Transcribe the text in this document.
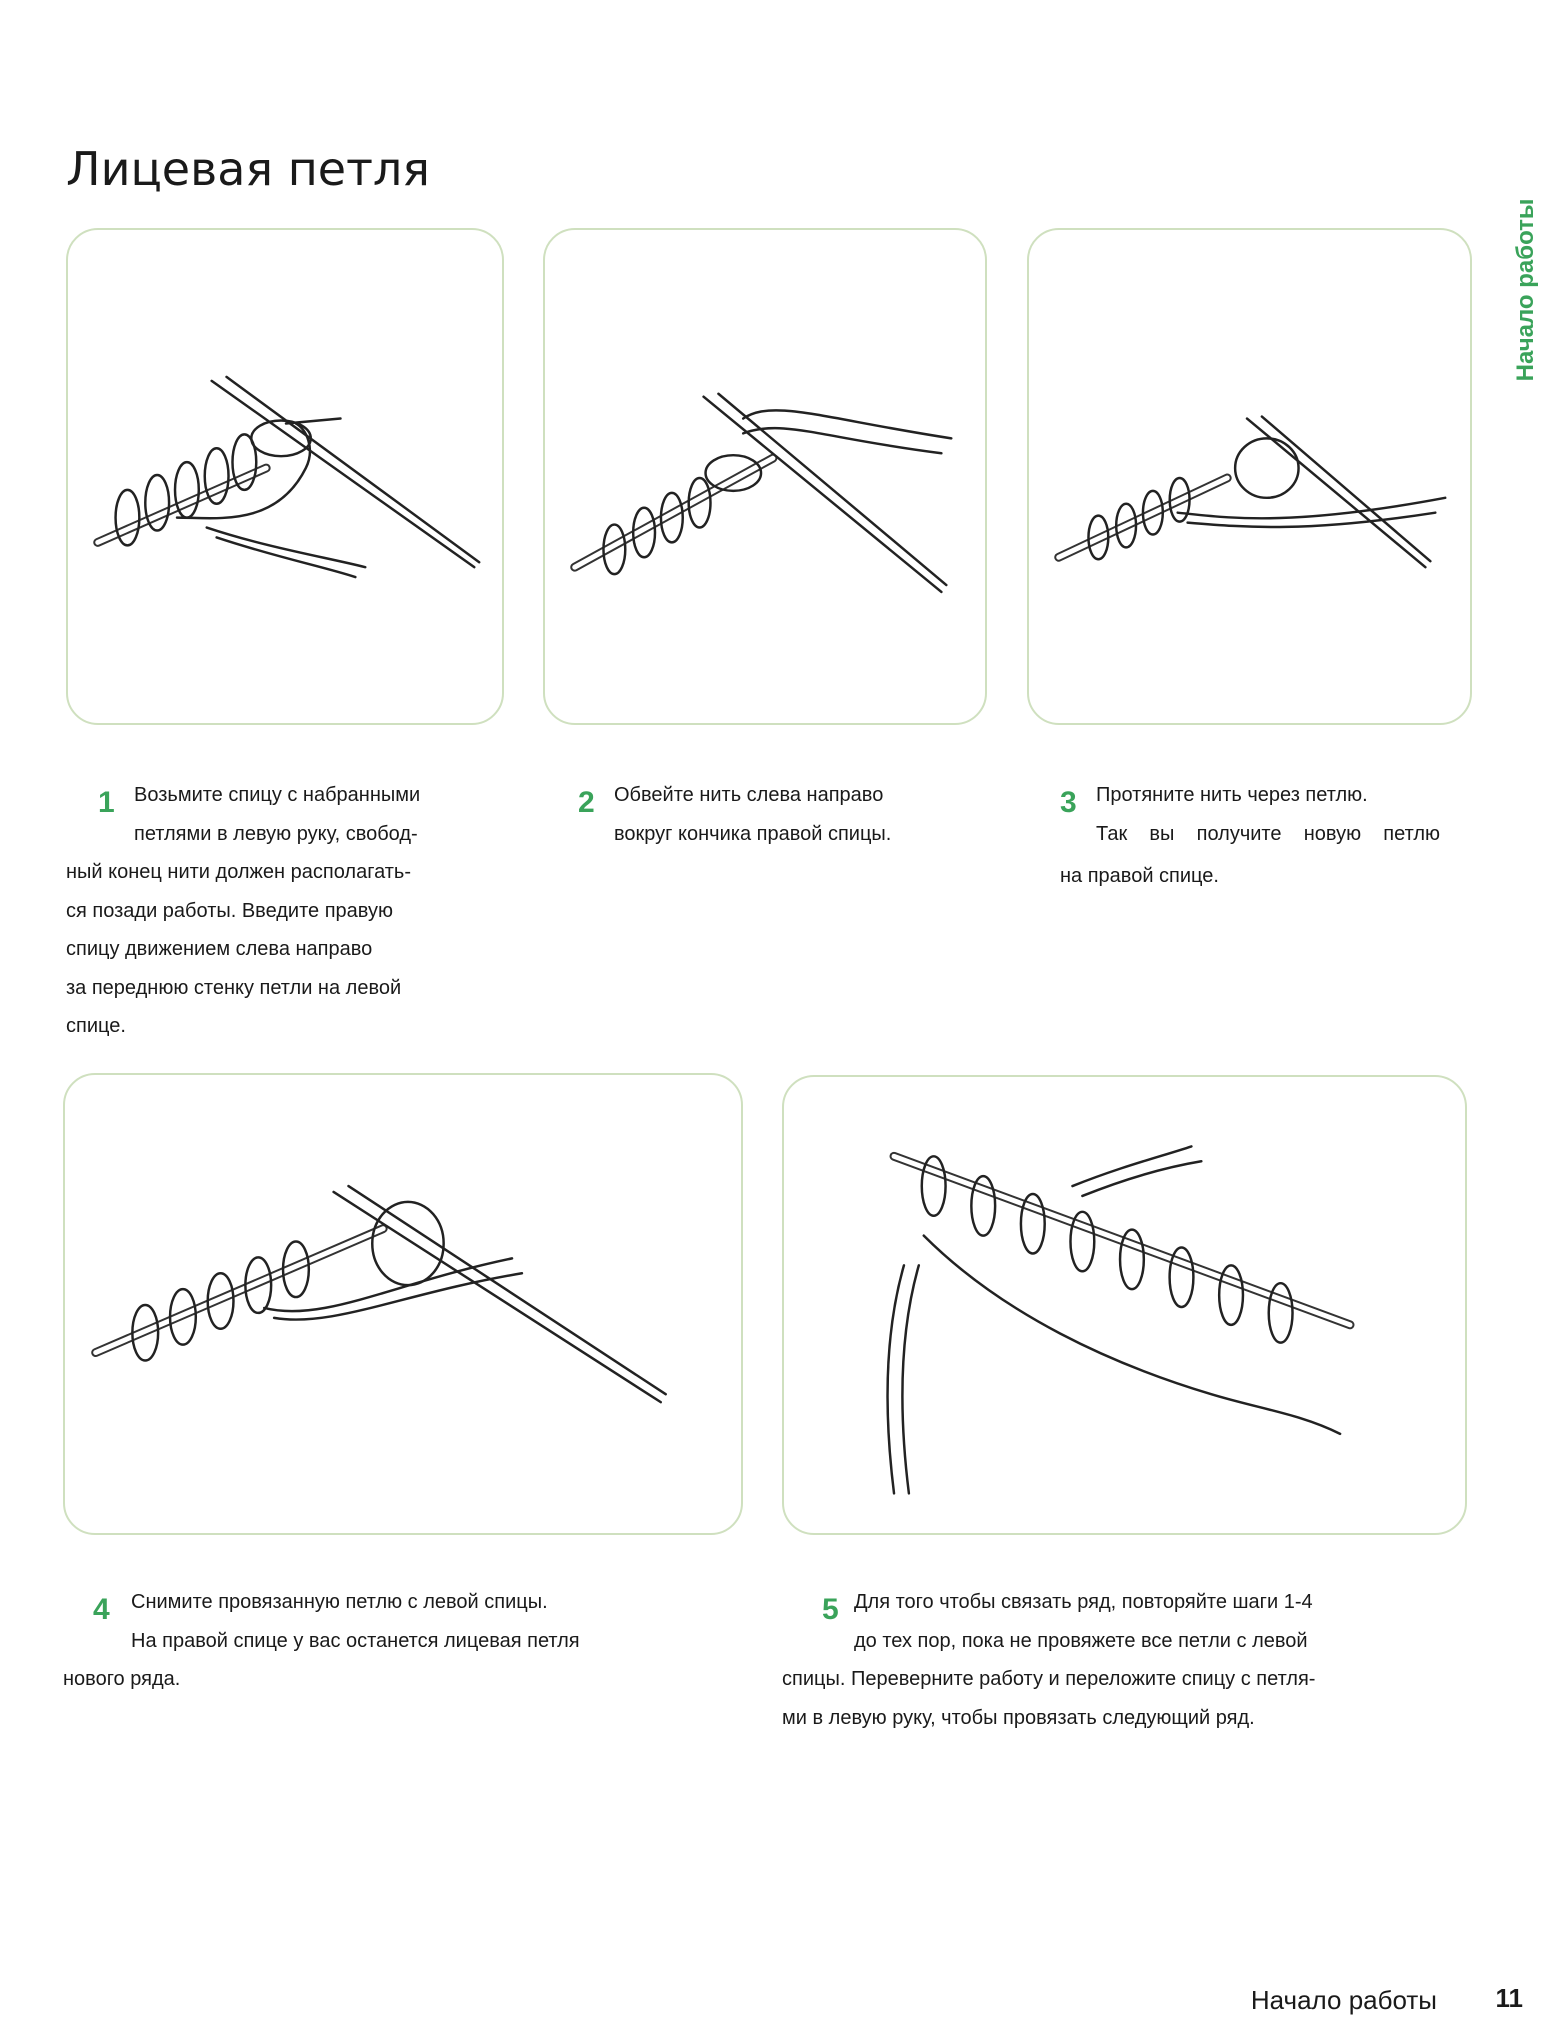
Лицевая петля
Начало работы
1 Возьмите спицу с набранными
петлями в левую руку, свобод-
ный конец нити должен располагать-
ся позади работы. Введите правую
спицу движением слева направо
за переднюю стенку петли на левой
спице.
2 Обвейте нить слева направо
вокруг кончика правой спицы.
3 Протяните нить через петлю.
Так вы получите новую петлю
на правой спице.
4	Снимите провязанную петлю с левой спицы.
На правой спице у вас останется лицевая петля
нового ряда.
5 Для того чтобы связать ряд, повторяйте шаги 1-4
до тех пор, пока не провяжете все петли с левой
спицы. Переверните работу и переложите спицу с петля-
ми в левую руку, чтобы провязать следующий ряд.
Начало работы 11
